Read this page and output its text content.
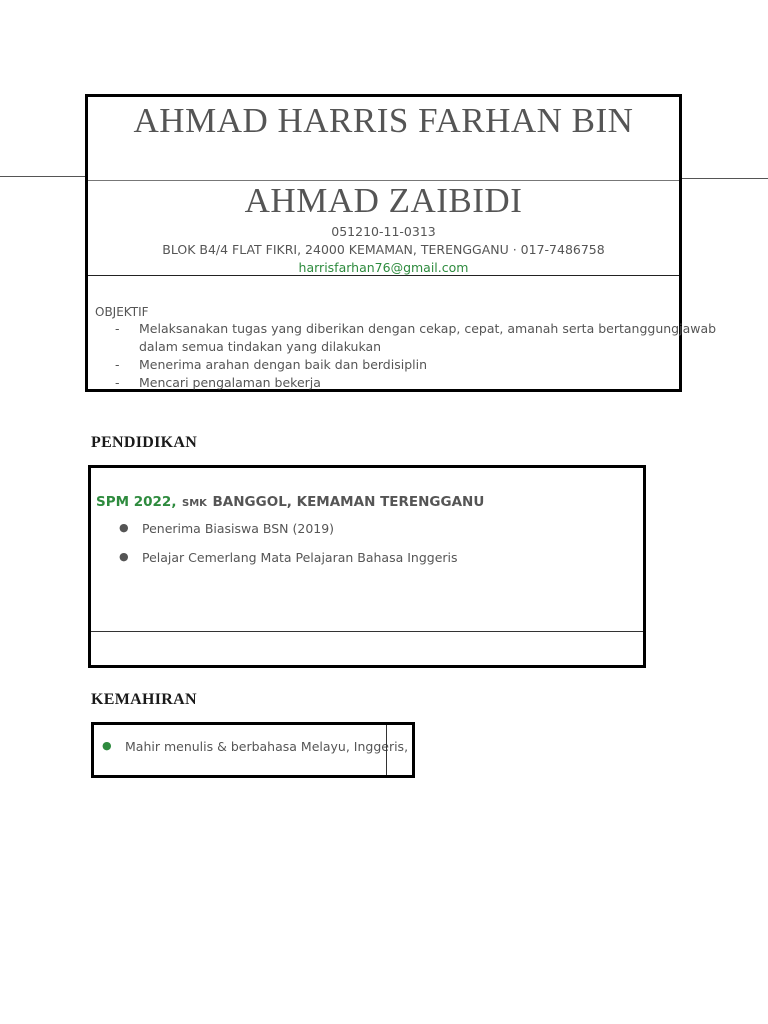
AHMAD HARRIS FARHAN BIN
AHMAD ZAIBIDI
051210-11-0313
BLOK B4/4 FLAT FIKRI, 24000 KEMAMAN, TERENGGANU · 017-7486758
harrisfarhan76@gmail.com
OBJEKTIF
-	Melaksanakan tugas yang diberikan dengan cekap, cepat, amanah serta bertanggungjawab
dalam semua tindakan yang dilakukan
-	Menerima arahan dengan baik dan berdisiplin
-	Mencari pengalaman bekerja
PENDIDIKAN
SPM 2022, SMK BANGGOL, KEMAMAN TERENGGANU
● Penerima Biasiswa BSN (2019)
● Pelajar Cemerlang Mata Pelajaran Bahasa Inggeris
KEMAHIRAN
● Mahir menulis & berbahasa Melayu, Inggeris,
